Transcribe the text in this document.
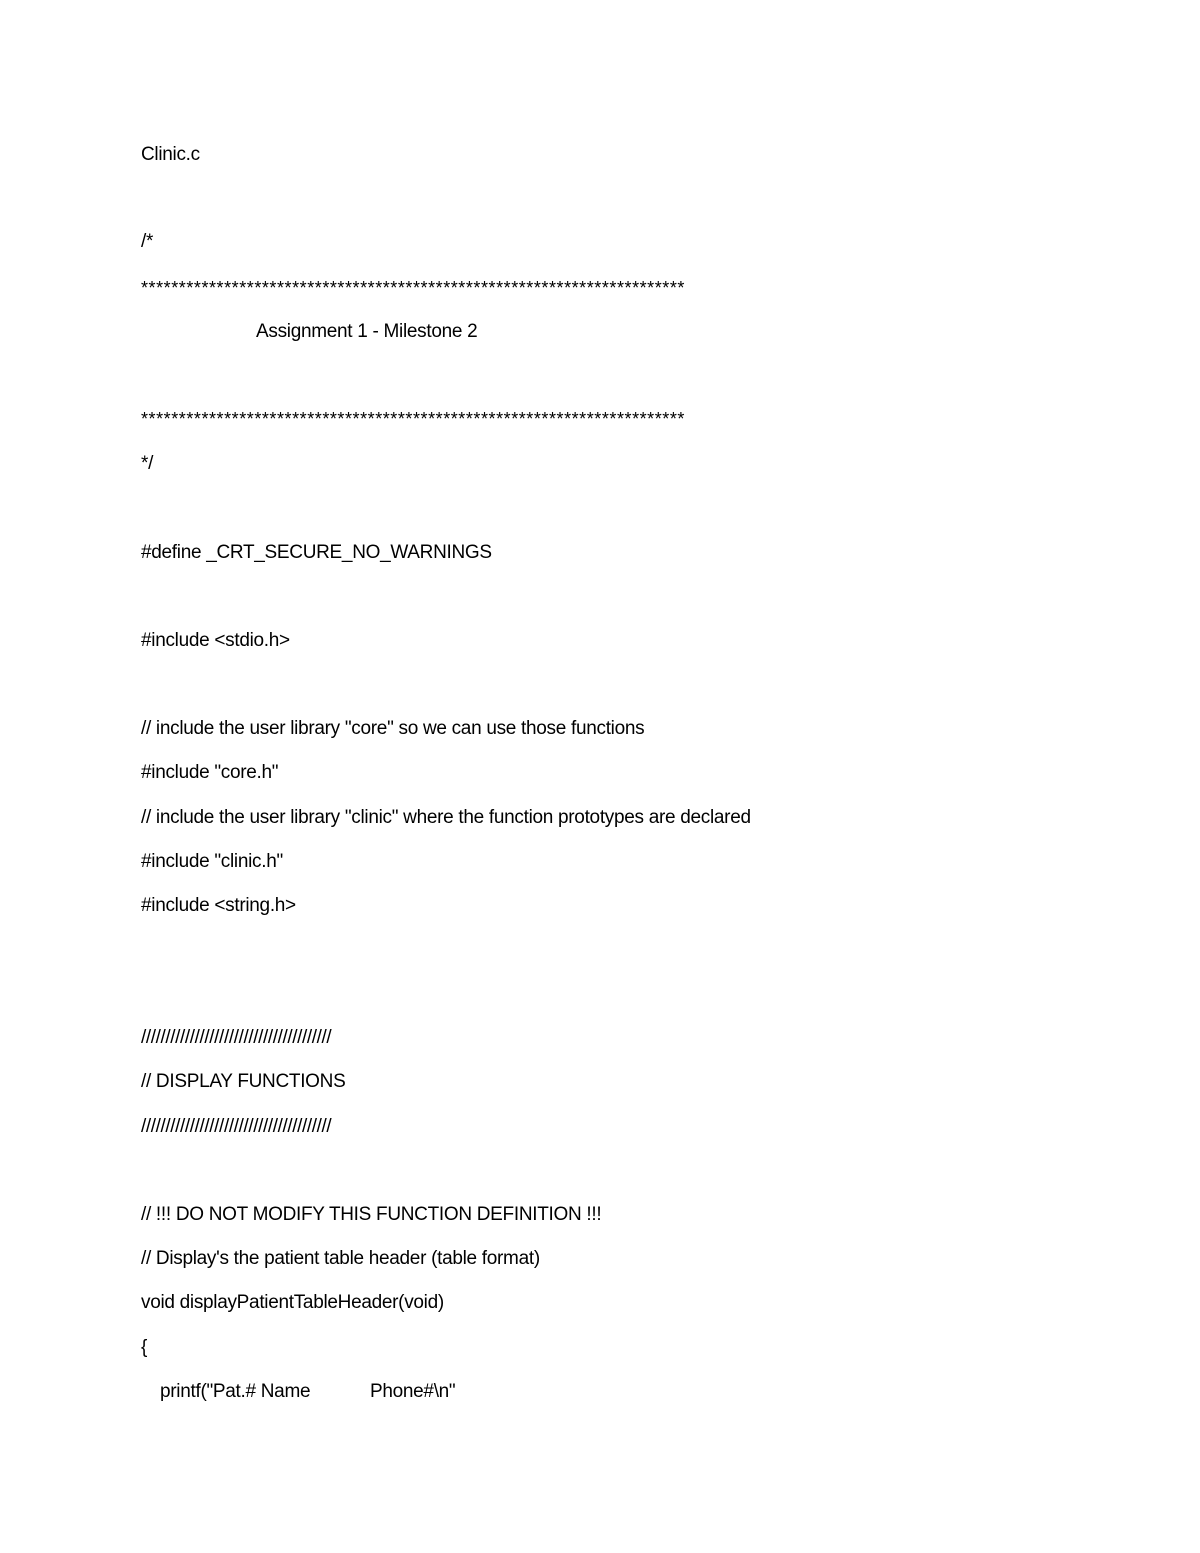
Clinic.c
/*
************************************************************************
Assignment 1 - Milestone 2
************************************************************************
*/
#define _CRT_SECURE_NO_WARNINGS
#include <stdio.h>
// include the user library "core" so we can use those functions
#include "core.h"
// include the user library "clinic" where the function prototypes are declared
#include "clinic.h"
#include <string.h>
///////////////////////////////////////
// DISPLAY FUNCTIONS
///////////////////////////////////////
// !!! DO NOT MODIFY THIS FUNCTION DEFINITION !!!
// Display's the patient table header (table format)
void displayPatientTableHeader(void)
{
printf("Pat.# Name            Phone#\n"
